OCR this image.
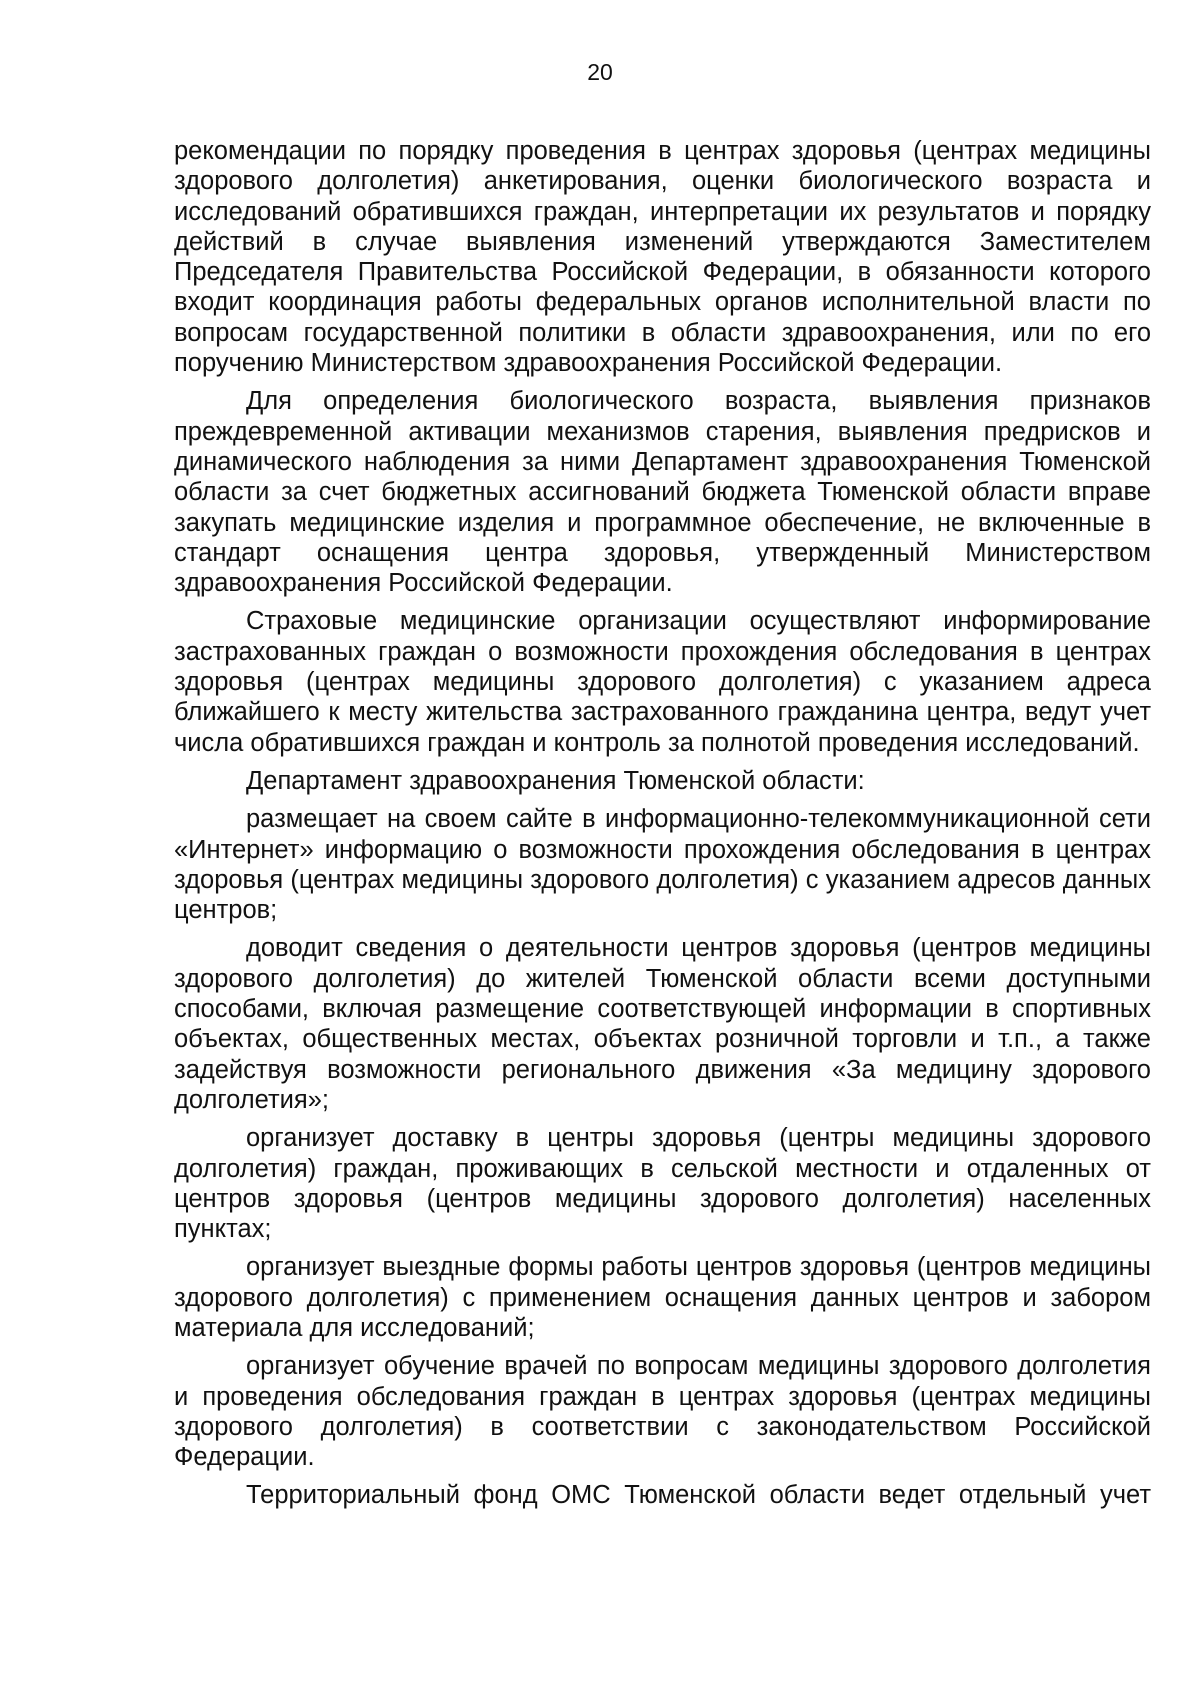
20

рекомендации по порядку проведения в центрах здоровья (центрах медицины здорового долголетия) анкетирования, оценки биологического возраста и исследований обратившихся граждан, интерпретации их результатов и порядку действий в случае выявления изменений утверждаются Заместителем Председателя Правительства Российской Федерации, в обязанности которого входит координация работы федеральных органов исполнительной власти по вопросам государственной политики в области здравоохранения, или по его поручению Министерством здравоохранения Российской Федерации.

Для определения биологического возраста, выявления признаков преждевременной активации механизмов старения, выявления предрисков и динамического наблюдения за ними Департамент здравоохранения Тюменской области за счет бюджетных ассигнований бюджета Тюменской области вправе закупать медицинские изделия и программное обеспечение, не включенные в стандарт оснащения центра здоровья, утвержденный Министерством здравоохранения Российской Федерации.

Страховые медицинские организации осуществляют информирование застрахованных граждан о возможности прохождения обследования в центрах здоровья (центрах медицины здорового долголетия) с указанием адреса ближайшего к месту жительства застрахованного гражданина центра, ведут учет числа обратившихся граждан и контроль за полнотой проведения исследований.

Департамент здравоохранения Тюменской области:

размещает на своем сайте в информационно-телекоммуникационной сети «Интернет» информацию о возможности прохождения обследования в центрах здоровья (центрах медицины здорового долголетия) с указанием адресов данных центров;

доводит сведения о деятельности центров здоровья (центров медицины здорового долголетия) до жителей Тюменской области всеми доступными способами, включая размещение соответствующей информации в спортивных объектах, общественных местах, объектах розничной торговли и т.п., а также задействуя возможности регионального движения «За медицину здорового долголетия»;

организует доставку в центры здоровья (центры медицины здорового долголетия) граждан, проживающих в сельской местности и отдаленных от центров здоровья (центров медицины здорового долголетия) населенных пунктах;

организует выездные формы работы центров здоровья (центров медицины здорового долголетия) с применением оснащения данных центров и забором материала для исследований;

организует обучение врачей по вопросам медицины здорового долголетия и проведения обследования граждан в центрах здоровья (центрах медицины здорового долголетия) в соответствии с законодательством Российской Федерации.

Территориальный фонд ОМС Тюменской области ведет отдельный учет
